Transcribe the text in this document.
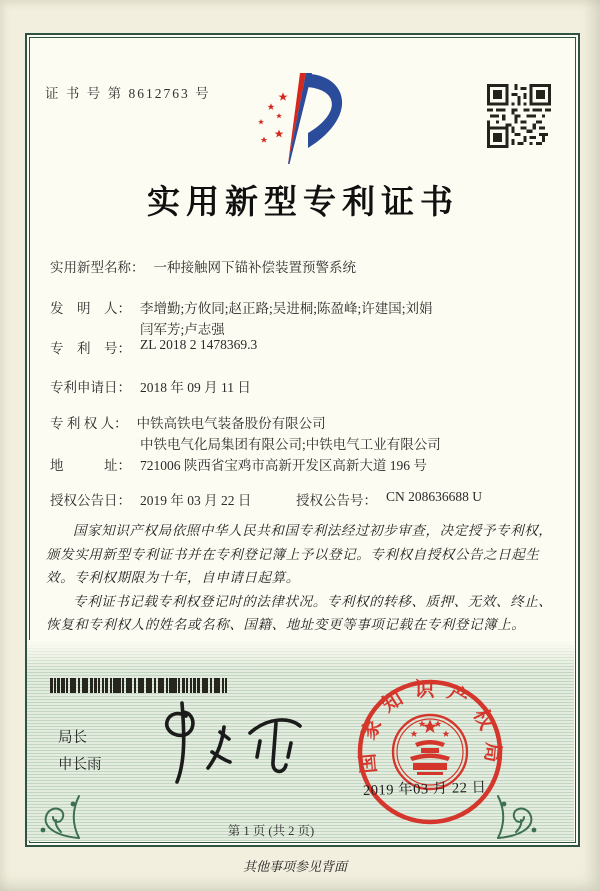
证 书 号 第 8612763 号
实用新型专利证书
实用新型名称： 一种接触网下锚补偿装置预警系统
发　明　人： 李增勤;方攸同;赵正路;吴进桐;陈盈峰;许建国;刘娟
闫军芳;卢志强
专　利　号： ZL 2018 2 1478369.3
专利申请日： 2018 年 09 月 11 日
专 利 权 人： 中铁高铁电气装备股份有限公司
中铁电气化局集团有限公司;中铁电气工业有限公司
地　　　址： 721006 陕西省宝鸡市高新开发区高新大道 196 号
授权公告日： 2019 年 03 月 22 日	授权公告号： CN 208636688 U

国家知识产权局依照中华人民共和国专利法经过初步审查，决定授予专利权，颁发实用新型专利证书并在专利登记簿上予以登记。专利权自授权公告之日起生效。专利权期限为十年，自申请日起算。

专利证书记载专利权登记时的法律状况。专利权的转移、质押、无效、终止、恢复和专利权人的姓名或名称、国籍、地址变更等事项记载在专利登记簿上。

局长
申长雨	国家知识产权局
2019 年03 月 22 日
第 1 页 (共 2 页)
其他事项参见背面
